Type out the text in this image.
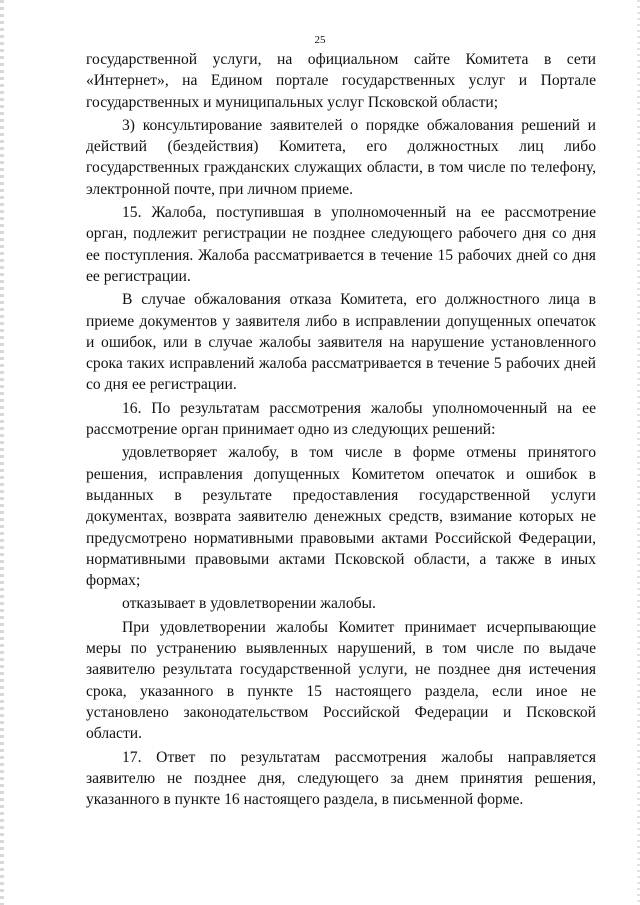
25

государственной услуги, на официальном сайте Комитета в сети «Интернет», на Едином портале государственных услуг и Портале государственных и муниципальных услуг Псковской области;

3) консультирование заявителей о порядке обжалования решений и действий (бездействия) Комитета, его должностных лиц либо государственных гражданских служащих области, в том числе по телефону, электронной почте, при личном приеме.

15. Жалоба, поступившая в уполномоченный на ее рассмотрение орган, подлежит регистрации не позднее следующего рабочего дня со дня ее поступления. Жалоба рассматривается в течение 15 рабочих дней со дня ее регистрации.

В случае обжалования отказа Комитета, его должностного лица в приеме документов у заявителя либо в исправлении допущенных опечаток и ошибок, или в случае жалобы заявителя на нарушение установленного срока таких исправлений жалоба рассматривается в течение 5 рабочих дней со дня ее регистрации.

16. По результатам рассмотрения жалобы уполномоченный на ее рассмотрение орган принимает одно из следующих решений:

удовлетворяет жалобу, в том числе в форме отмены принятого решения, исправления допущенных Комитетом опечаток и ошибок в выданных в результате предоставления государственной услуги документах, возврата заявителю денежных средств, взимание которых не предусмотрено нормативными правовыми актами Российской Федерации, нормативными правовыми актами Псковской области, а также в иных формах;

отказывает в удовлетворении жалобы.

При удовлетворении жалобы Комитет принимает исчерпывающие меры по устранению выявленных нарушений, в том числе по выдаче заявителю результата государственной услуги, не позднее дня истечения срока, указанного в пункте 15 настоящего раздела, если иное не установлено законодательством Российской Федерации и Псковской области.

17. Ответ по результатам рассмотрения жалобы направляется заявителю не позднее дня, следующего за днем принятия решения, указанного в пункте 16 настоящего раздела, в письменной форме.
